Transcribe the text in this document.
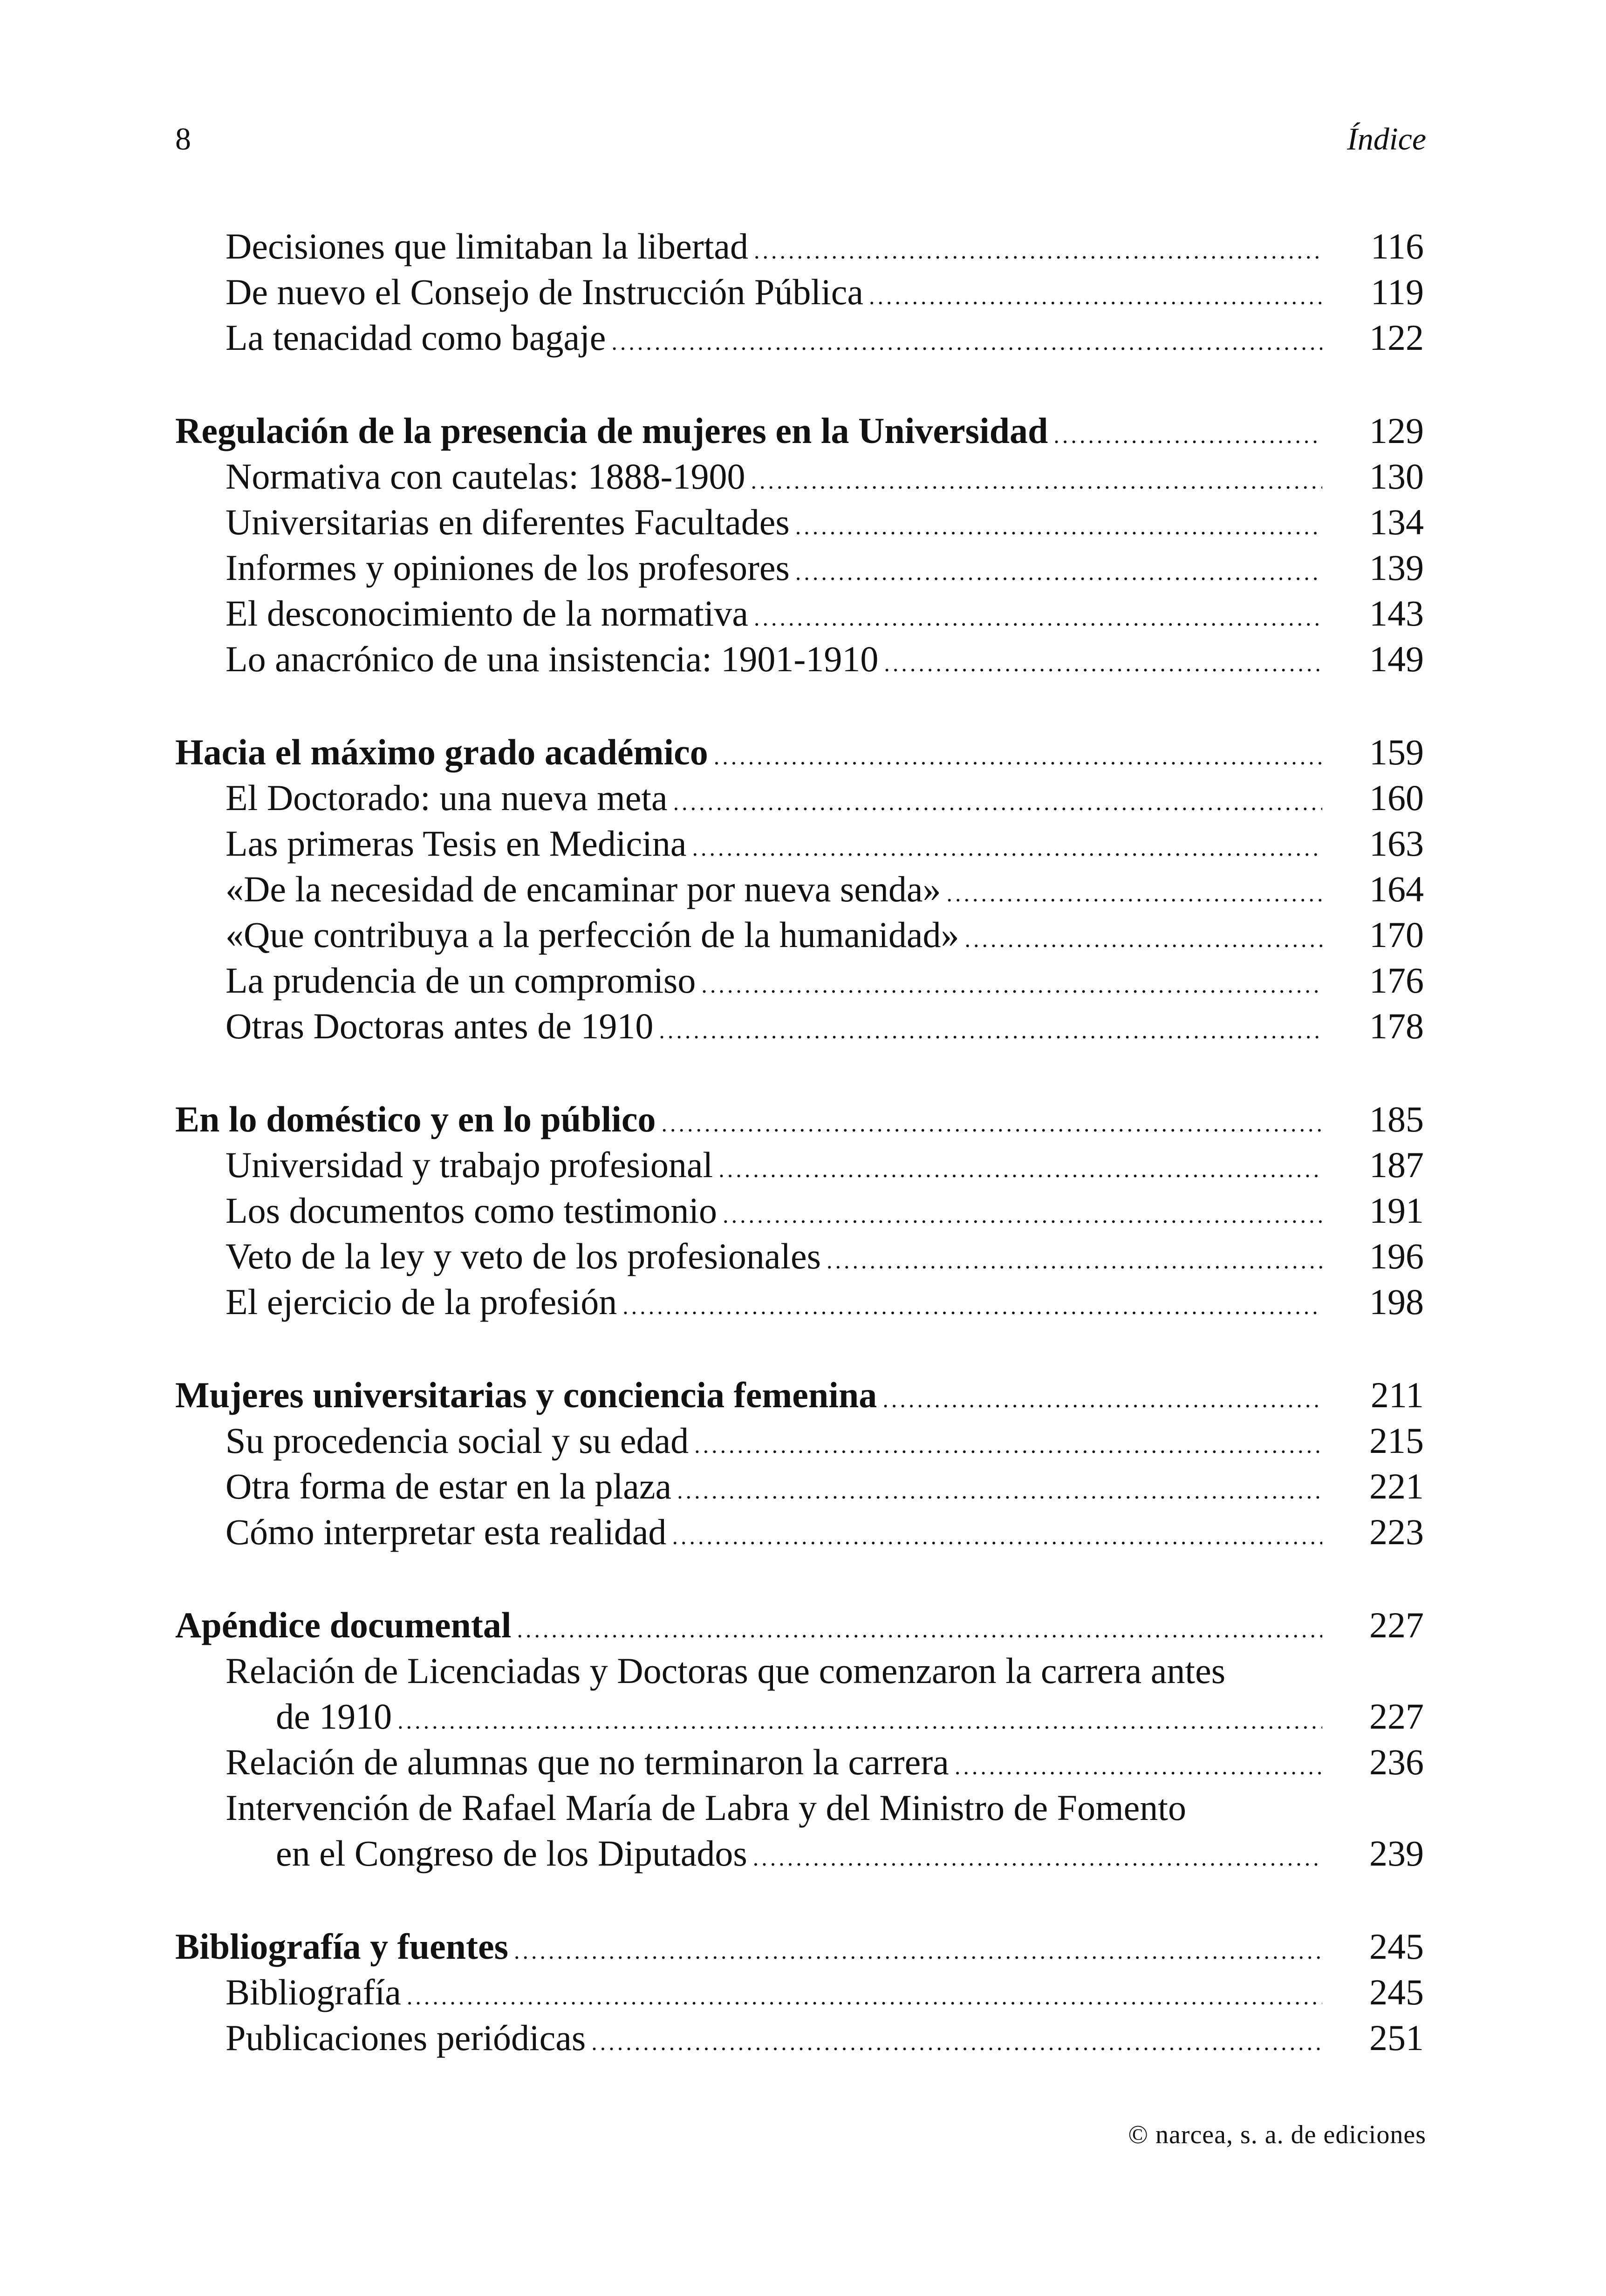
8	Índice
Decisiones que limitaban la libertad .....	116
De nuevo el Consejo de Instrucción Pública .....	119
La tenacidad como bagaje .....	122
Regulación de la presencia de mujeres en la Universidad .....	129
Normativa con cautelas: 1888-1900 .....	130
Universitarias en diferentes Facultades .....	134
Informes y opiniones de los profesores .....	139
El desconocimiento de la normativa .....	143
Lo anacrónico de una insistencia: 1901-1910 .....	149
Hacia el máximo grado académico .....	159
El Doctorado: una nueva meta .....	160
Las primeras Tesis en Medicina .....	163
«De la necesidad de encaminar por nueva senda» .....	164
«Que contribuya a la perfección de la humanidad» .....	170
La prudencia de un compromiso .....	176
Otras Doctoras antes de 1910 .....	178
En lo doméstico y en lo público .....	185
Universidad y trabajo profesional .....	187
Los documentos como testimonio .....	191
Veto de la ley y veto de los profesionales .....	196
El ejercicio de la profesión .....	198
Mujeres universitarias y conciencia femenina .....	211
Su procedencia social y su edad .....	215
Otra forma de estar en la plaza .....	221
Cómo interpretar esta realidad .....	223
Apéndice documental .....	227
Relación de Licenciadas y Doctoras que comenzaron la carrera antes
de 1910 .....	227
Relación de alumnas que no terminaron la carrera .....	236
Intervención de Rafael María de Labra y del Ministro de Fomento
en el Congreso de los Diputados .....	239
Bibliografía y fuentes .....	245
Bibliografía .....	245
Publicaciones periódicas .....	251
© narcea, s. a. de ediciones
